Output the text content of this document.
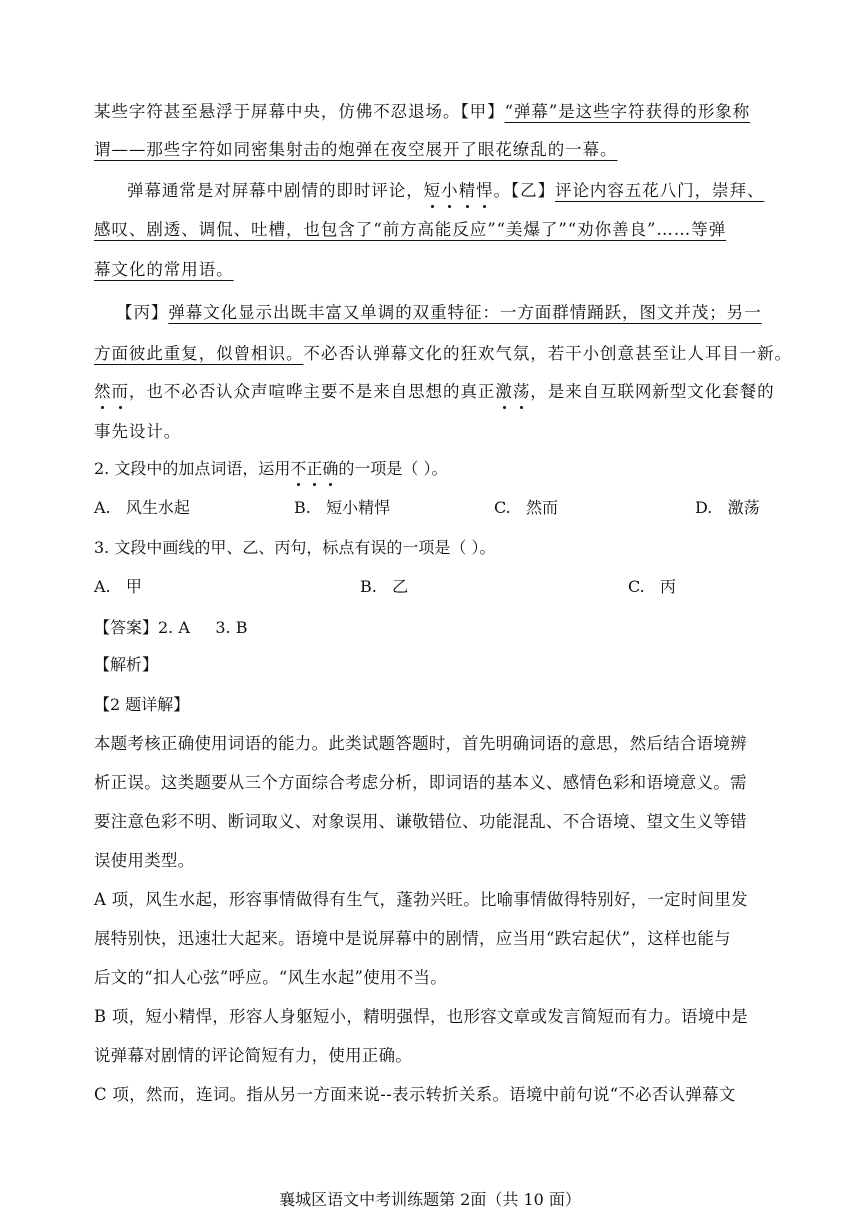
某些字符甚至悬浮于屏幕中央，仿佛不忍退场。【甲】“弹幕”是这些字符获得的形象称
谓——那些字符如同密集射击的炮弹在夜空展开了眼花缭乱的一幕。
弹幕通常是对屏幕中剧情的即时评论，短小精悍。【乙】评论内容五花八门，崇拜、
感叹、剧透、调侃、吐槽，也包含了“前方高能反应”“美爆了”“劝你善良”……等弹
幕文化的常用语。
【丙】弹幕文化显示出既丰富又单调的双重特征：一方面群情踊跃，图文并茂；另一
方面彼此重复，似曾相识。不必否认弹幕文化的狂欢气氛，若干小创意甚至让人耳目一新。
然而，也不必否认众声喧哗主要不是来自思想的真正激荡，是来自互联网新型文化套餐的
事先设计。
2. 文段中的加点词语，运用不正确的一项是（ ）。
A. 风生水起	B. 短小精悍	C. 然而	D. 激荡
3. 文段中画线的甲、乙、丙句，标点有误的一项是（ ）。
A. 甲	B. 乙	C. 丙
【答案】2. A     3. B
【解析】
【2 题详解】
本题考核正确使用词语的能力。此类试题答题时，首先明确词语的意思，然后结合语境辨
析正误。这类题要从三个方面综合考虑分析，即词语的基本义、感情色彩和语境意义。需
要注意色彩不明、断词取义、对象误用、谦敬错位、功能混乱、不合语境、望文生义等错
误使用类型。
A 项，风生水起，形容事情做得有生气，蓬勃兴旺。比喻事情做得特别好，一定时间里发
展特别快，迅速壮大起来。语境中是说屏幕中的剧情，应当用“跌宕起伏”，这样也能与
后文的“扣人心弦”呼应。“风生水起”使用不当。
B 项，短小精悍，形容人身躯短小，精明强悍，也形容文章或发言简短而有力。语境中是
说弹幕对剧情的评论简短有力，使用正确。
C 项，然而，连词。指从另一方面来说--表示转折关系。语境中前句说“不必否认弹幕文
襄城区语文中考训练题第 2面（共 10 面）
